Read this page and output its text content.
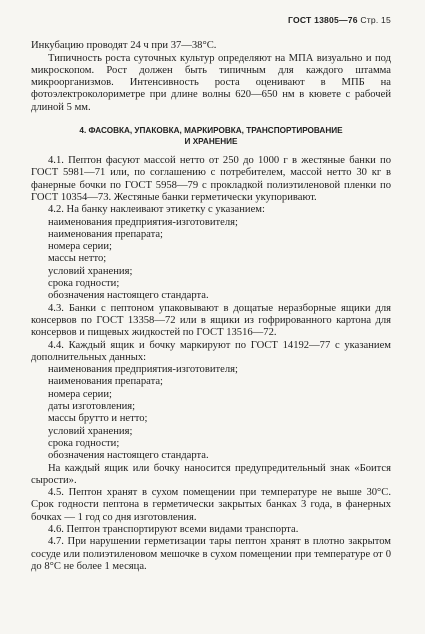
ГОСТ 13805—76 Стр. 15

Инкубацию проводят 24 ч при 37—38°С.

Типичность роста суточных культур определяют на МПА визуально и под микроскопом. Рост должен быть типичным для каждого штамма микроорганизмов. Интенсивность роста оценивают в МПБ на фотоэлектроколориметре при длине волны 620—650 нм в кювете с рабочей длиной 5 мм.

4. ФАСОВКА, УПАКОВКА, МАРКИРОВКА, ТРАНСПОРТИРОВАНИЕ
И ХРАНЕНИЕ

4.1. Пептон фасуют массой нетто от 250 до 1000 г в жестяные банки по ГОСТ 5981—71 или, по соглашению с потребителем, массой нетто 30 кг в фанерные бочки по ГОСТ 5958—79 с прокладкой полиэтиленовой пленки по ГОСТ 10354—73. Жестяные банки герметически укупоривают.

4.2. На банку наклеивают этикетку с указанием:

наименования предприятия-изготовителя;
наименования препарата;
номера серии;
массы нетто;
условий хранения;
срока годности;
обозначения настоящего стандарта.

4.3. Банки с пептоном упаковывают в дощатые неразборные ящики для консервов по ГОСТ 13358—72 или в ящики из гофрированного картона для консервов и пищевых жидкостей по ГОСТ 13516—72.

4.4. Каждый ящик и бочку маркируют по ГОСТ 14192—77 с указанием дополнительных данных:

наименования предприятия-изготовителя;
наименования препарата;
номера серии;
даты изготовления;
массы брутто и нетто;
условий хранения;
срока годности;
обозначения настоящего стандарта.

На каждый ящик или бочку наносится предупредительный знак «Боится сырости».

4.5. Пептон хранят в сухом помещении при температуре не выше 30°С. Срок годности пептона в герметически закрытых банках 3 года, в фанерных бочках — 1 год со дня изготовления.

4.6. Пептон транспортируют всеми видами транспорта.

4.7. При нарушении герметизации тары пептон хранят в плотно закрытом сосуде или полиэтиленовом мешочке в сухом помещении при температуре от 0 до 8°С не более 1 месяца.
